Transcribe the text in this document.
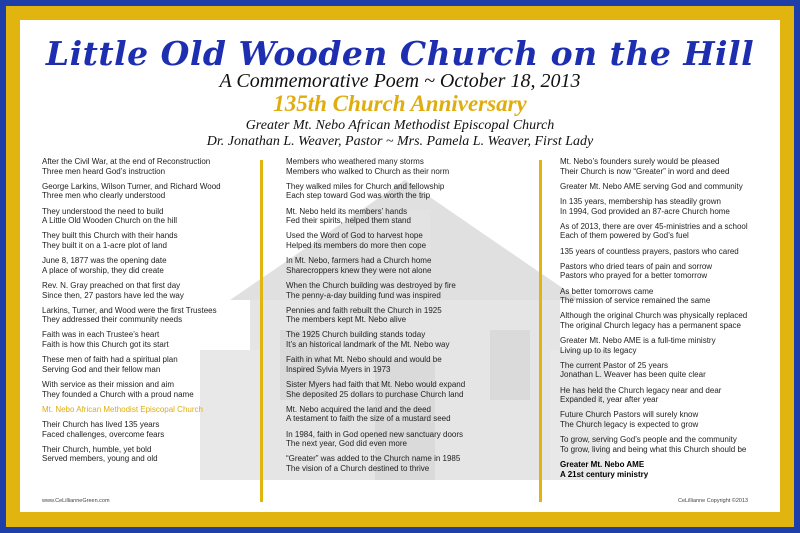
Little Old Wooden Church on the Hill
A Commemorative Poem ~ October 18, 2013
135th Church Anniversary
Greater Mt. Nebo African Methodist Episcopal Church
Dr. Jonathan L. Weaver, Pastor ~ Mrs. Pamela L. Weaver, First Lady
After the Civil War, at the end of Reconstruction
Three men heard God’s instruction
George Larkins, Wilson Turner, and Richard Wood
Three men who clearly understood
They understood the need to build
A Little Old Wooden Church on the hill
They built this Church with their hands
They built it on a 1-acre plot of land
June 8, 1877 was the opening date
A place of worship, they did create
Rev. N. Gray preached on that first day
Since then, 27 pastors have led the way
Larkins, Turner, and Wood were the first Trustees
They addressed their community needs
Faith was in each Trustee’s heart
Faith is how this Church got its start
These men of faith had a spiritual plan
Serving God and their fellow man
With service as their mission and aim
They founded a Church with a proud name
Mt. Nebo African Methodist Episcopal Church
Their Church has lived 135 years
Faced challenges, overcome fears
Their Church, humble, yet bold
Served members, young and old
Members who weathered many storms
Members who walked to Church as their norm
They walked miles for Church and fellowship
Each step toward God was worth the trip
Mt. Nebo held its members’ hands
Fed their spirits, helped them stand
Used the Word of God to harvest hope
Helped its members do more then cope
In Mt. Nebo, farmers had a Church home
Sharecroppers knew they were not alone
When the Church building was destroyed by fire
The penny-a-day building fund was inspired
Pennies and faith rebuilt the Church in 1925
The members kept Mt. Nebo alive
The 1925 Church building stands today
It’s an historical landmark of the Mt. Nebo way
Faith in what Mt. Nebo should and would be
Inspired Sylvia Myers in 1973
Sister Myers had faith that Mt. Nebo would expand
She deposited 25 dollars to purchase Church land
Mt. Nebo acquired the land and the deed
A testament to faith the size of a mustard seed
In 1984, faith in God opened new sanctuary doors
The next year, God did even more
“Greater” was added to the Church name in 1985
The vision of a Church destined to thrive
Mt. Nebo’s founders surely would be pleased
Their Church is now “Greater” in word and deed
Greater Mt. Nebo AME serving God and community
In 135 years, membership has steadily grown
In 1994, God provided an 87-acre Church home
As of 2013, there are over 45-ministries and a school
Each of them powered by God’s fuel
135 years of countless prayers, pastors who cared
Pastors who dried tears of pain and sorrow
Pastors who prayed for a better tomorrow
As better tomorrows came
The mission of service remained the same
Although the original Church was physically replaced
The original Church legacy has a permanent space
Greater Mt. Nebo AME is a full-time ministry
Living up to its legacy
The current Pastor of 25 years
Jonathan L. Weaver has been quite clear
He has held the Church legacy near and dear
Expanded it, year after year
Future Church Pastors will surely know
The Church legacy is expected to grow
To grow, serving God’s people and the community
To grow, living and being what this Church should be
Greater Mt. Nebo AME
A 21st century ministry
www.CeLillianneGreen.com	CeLillianne Copyright ©2013
